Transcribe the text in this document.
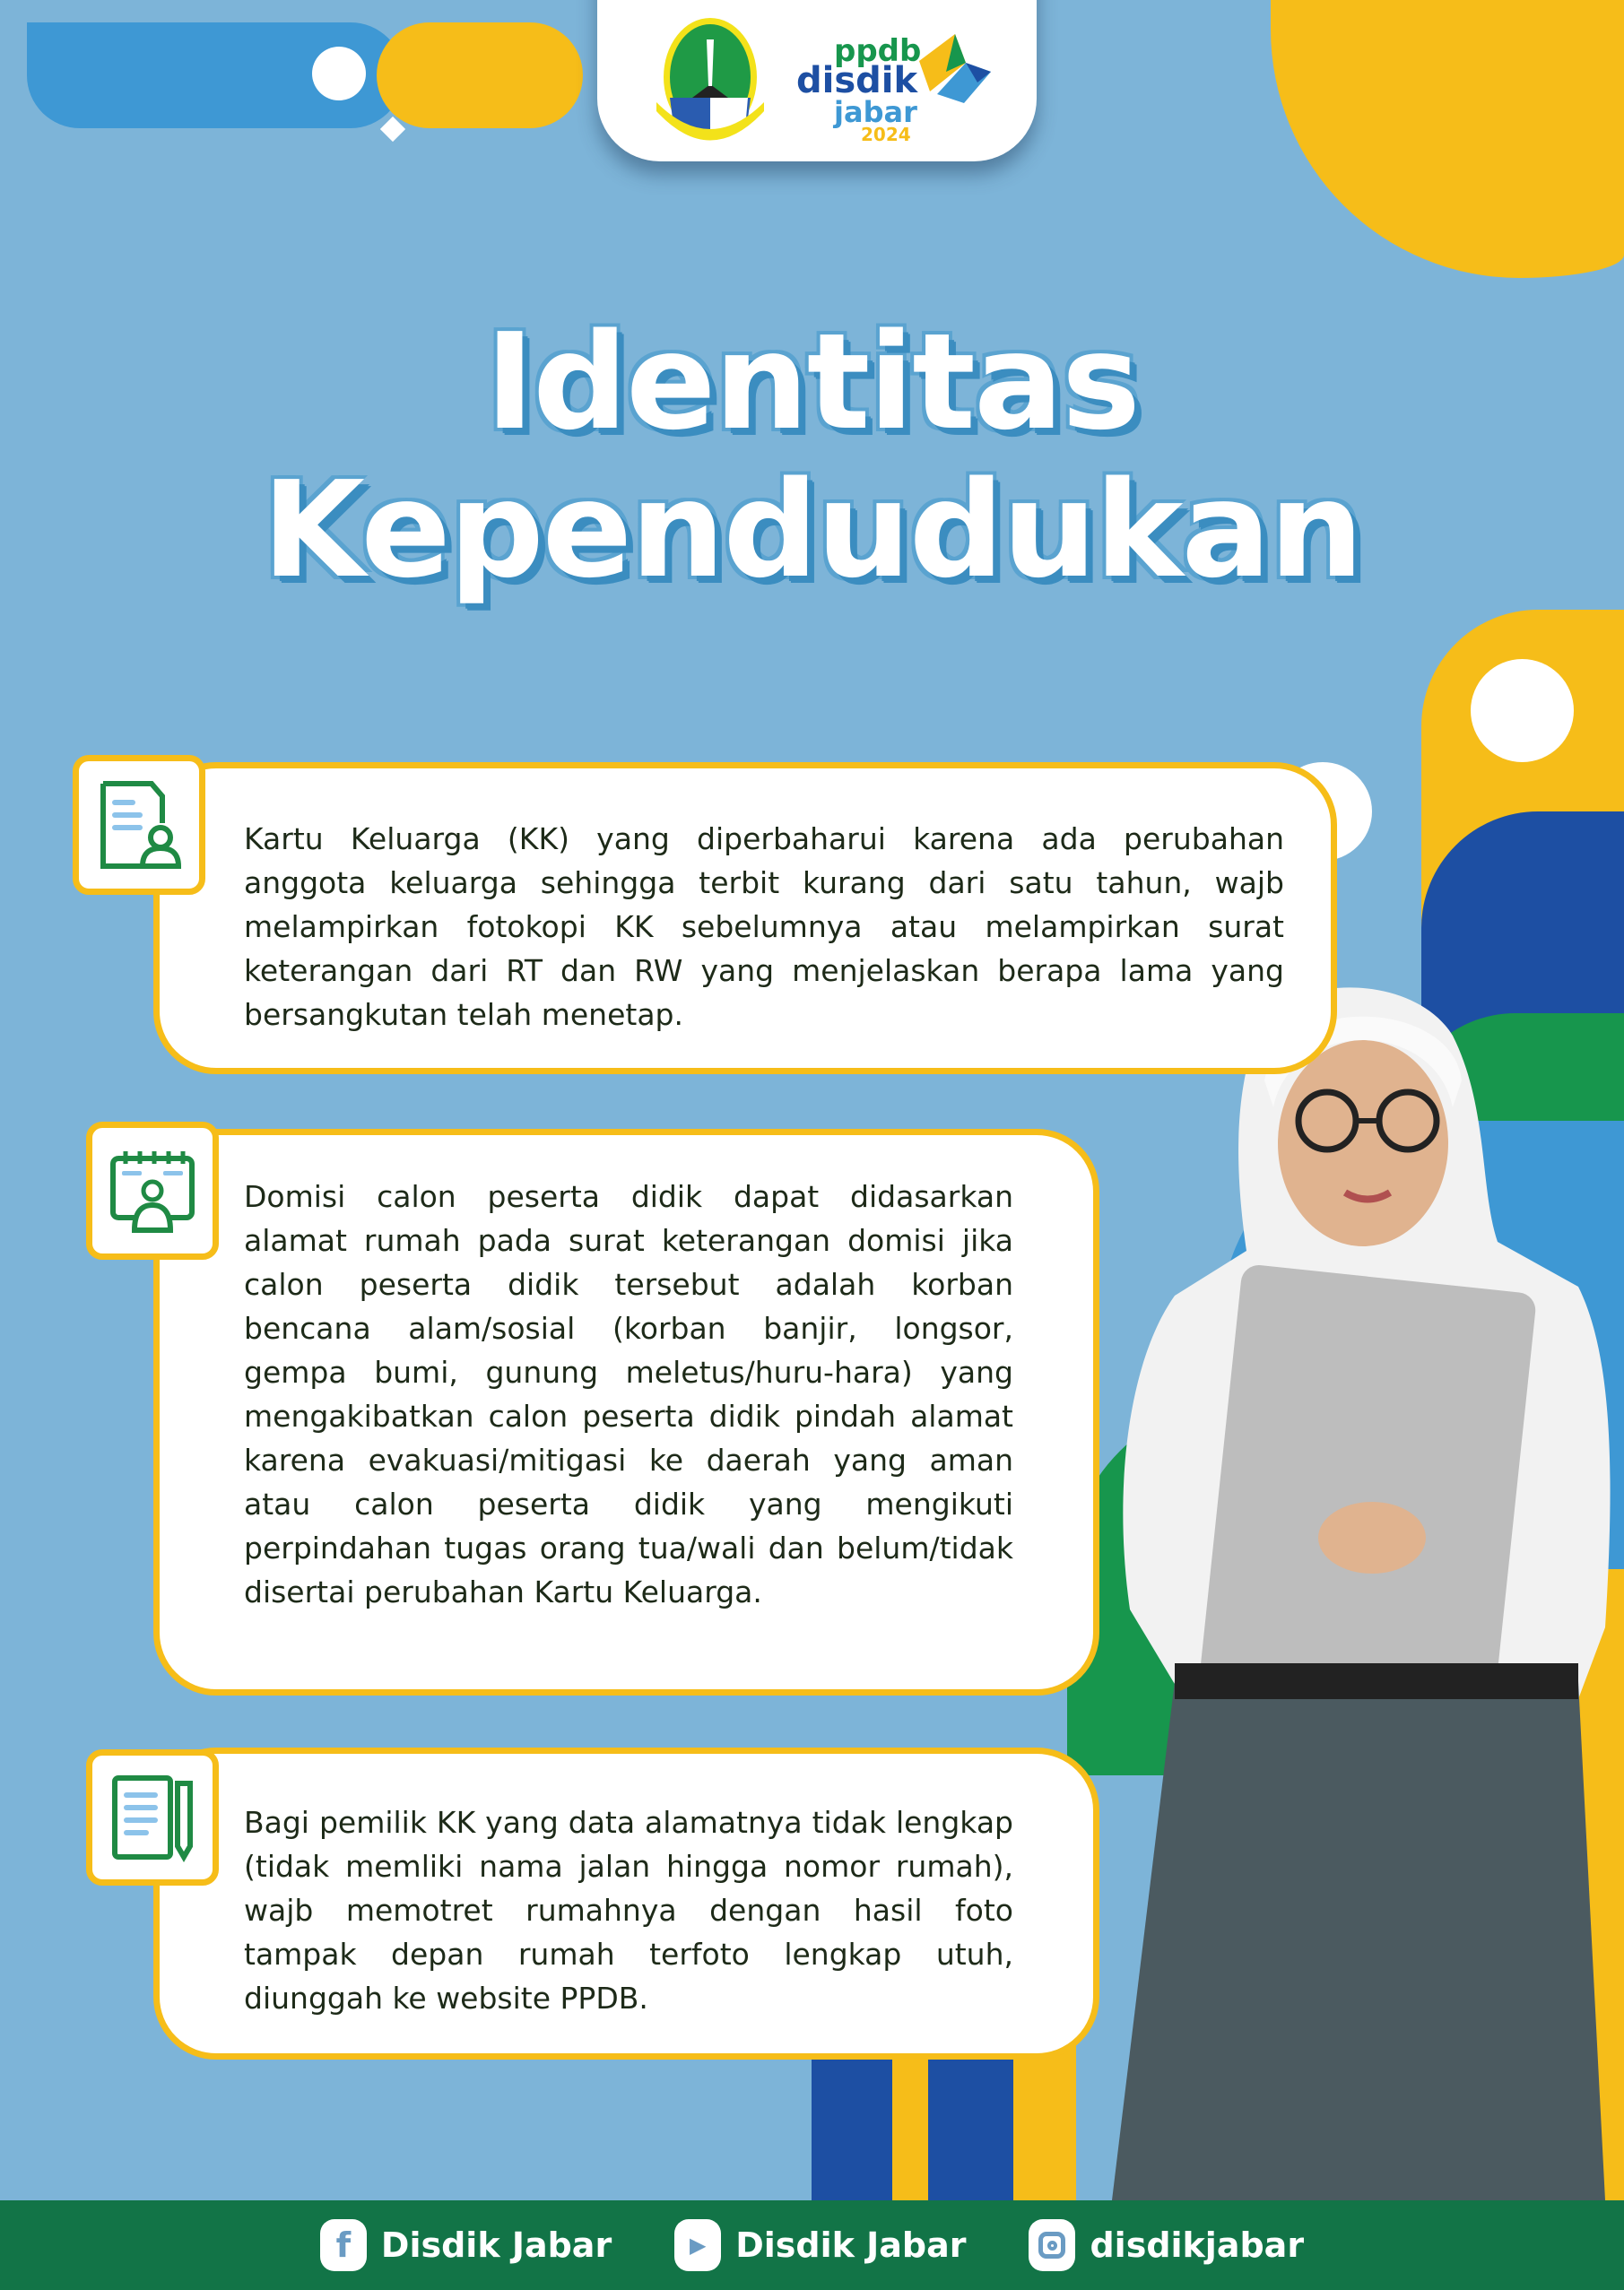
ppdb
disdik
jabar
2024
Identitas
Kependudukan
Kartu Keluarga (KK) yang diperbaharui karena ada perubahan anggota keluarga sehingga terbit kurang dari satu tahun, wajb melampirkan fotokopi KK sebelumnya atau melampirkan surat keterangan dari RT dan RW yang menjelaskan berapa lama yang bersangkutan telah menetap.
Domisi calon peserta didik dapat didasarkan alamat rumah pada surat keterangan domisi jika calon peserta didik tersebut adalah korban bencana alam/sosial (korban banjir, longsor, gempa bumi, gunung meletus/huru-hara) yang mengakibatkan calon peserta didik pindah alamat karena evakuasi/mitigasi ke daerah yang aman atau calon peserta didik yang mengikuti perpindahan tugas orang tua/wali dan belum/tidak disertai perubahan Kartu Keluarga.
Bagi pemilik KK yang data alamatnya tidak lengkap (tidak memliki nama jalan hingga nomor rumah), wajb memotret rumahnya dengan hasil foto tampak depan rumah terfoto lengkap utuh, diunggah ke website PPDB.
f Disdik Jabar	▶ Disdik Jabar	disdikjabar
